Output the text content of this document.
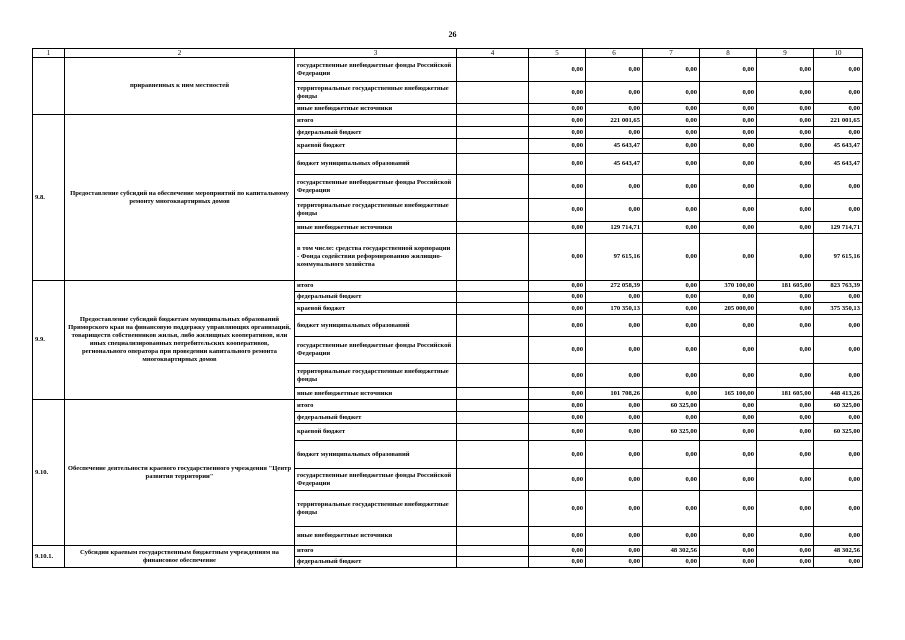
26
1	2	3	4	5	6	7	8	9	10
	приравненных к ним местностей	государственные внебюджетные фонды Российской Федерации		0,00	0,00	0,00	0,00	0,00	0,00
		территориальные государственные внебюджетные фонды		0,00	0,00	0,00	0,00	0,00	0,00
		иные внебюджетные источники		0,00	0,00	0,00	0,00	0,00	0,00
9.8.	Предоставление субсидий на обеспечение мероприятий по капитальному ремонту многоквартирных домов	итого		0,00	221 001,65	0,00	0,00	0,00	221 001,65
		федеральный бюджет		0,00	0,00	0,00	0,00	0,00	0,00
		краевой бюджет		0,00	45 643,47	0,00	0,00	0,00	45 643,47
		бюджет муниципальных образований		0,00	45 643,47	0,00	0,00	0,00	45 643,47
		государственные внебюджетные фонды Российской Федерации		0,00	0,00	0,00	0,00	0,00	0,00
		территориальные государственные внебюджетные фонды		0,00	0,00	0,00	0,00	0,00	0,00
		иные внебюджетные источники		0,00	129 714,71	0,00	0,00	0,00	129 714,71
		в том числе: средства государственной корпорации - Фонда содействия реформированию жилищно-коммунального хозяйства		0,00	97 615,16	0,00	0,00	0,00	97 615,16
9.9.	Предоставление субсидий бюджетам муниципальных образований Приморского края на финансовую поддержку управляющих организаций, товариществ собственников жилья, либо жилищных кооперативов, или иных специализированных потребительских кооперативов, регионального оператора при проведении капитального ремонта многоквартирных домов	итого		0,00	272 058,39	0,00	370 100,00	181 605,00	823 763,39
		федеральный бюджет		0,00	0,00	0,00	0,00	0,00	0,00
		краевой бюджет		0,00	170 350,13	0,00	205 000,00	0,00	375 350,13
		бюджет муниципальных образований		0,00	0,00	0,00	0,00	0,00	0,00
		государственные внебюджетные фонды Российской Федерации		0,00	0,00	0,00	0,00	0,00	0,00
		территориальные государственные внебюджетные фонды		0,00	0,00	0,00	0,00	0,00	0,00
		иные внебюджетные источники		0,00	101 708,26	0,00	165 100,00	181 605,00	448 413,26
9.10.	Обеспечение деятельности краевого государственного учреждения "Центр развития территории"	итого		0,00	0,00	60 325,00	0,00	0,00	60 325,00
		федеральный бюджет		0,00	0,00	0,00	0,00	0,00	0,00
		краевой бюджет		0,00	0,00	60 325,00	0,00	0,00	60 325,00
		бюджет муниципальных образований		0,00	0,00	0,00	0,00	0,00	0,00
		государственные внебюджетные фонды Российской Федерации		0,00	0,00	0,00	0,00	0,00	0,00
		территориальные государственные внебюджетные фонды		0,00	0,00	0,00	0,00	0,00	0,00
		иные внебюджетные источники		0,00	0,00	0,00	0,00	0,00	0,00
9.10.1.	Субсидии краевым государственным бюджетным учреждениям на финансовое обеспечение	итого		0,00	0,00	48 302,56	0,00	0,00	48 302,56
		федеральный бюджет		0,00	0,00	0,00	0,00	0,00	0,00
